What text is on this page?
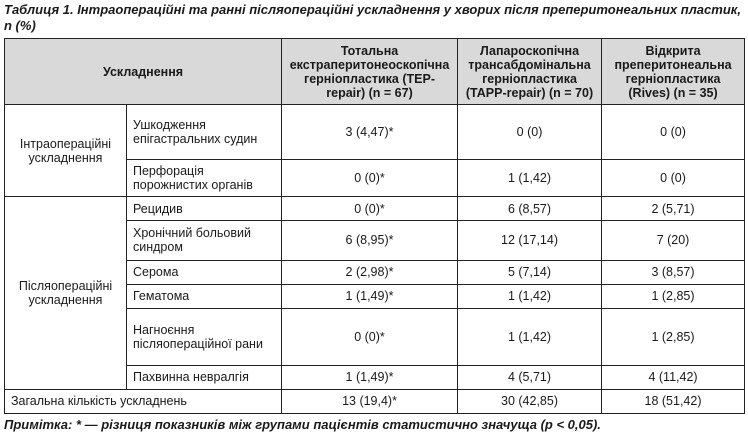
Таблиця 1. Інтраопераційні та ранні післяопераційні ускладнення у хворих після преперитонеальних пластик, n (%)
Ускладнення		Тотальна екстраперитонеоскопічна герніопластика (TEP-repair) (n = 67)	Лапароскопічна трансабдомінальна герніопластика (TAPP-repair) (n = 70)	Відкрита преперитонеальна герніопластика (Rives) (n = 35)
Інтраопераційні ускладнення	Ушкодження епігастральних судин	3 (4,47)*	0 (0)	0 (0)
	Перфорація порожнистих органів	0 (0)*	1 (1,42)	0 (0)
Післяопераційні ускладнення	Рецидив	0 (0)*	6 (8,57)	2 (5,71)
	Хронічний больовий синдром	6 (8,95)*	12 (17,14)	7 (20)
	Серома	2 (2,98)*	5 (7,14)	3 (8,57)
	Гематома	1 (1,49)*	1 (1,42)	1 (2,85)
	Нагноєння післяопераційної рани	0 (0)*	1 (1,42)	1 (2,85)
	Пахвинна невралгія	1 (1,49)*	4 (5,71)	4 (11,42)
Загальна кількість ускладнень		13 (19,4)*	30 (42,85)	18 (51,42)
Примітка: * — різниця показників між групами пацієнтів статистично значуща (р < 0,05).
